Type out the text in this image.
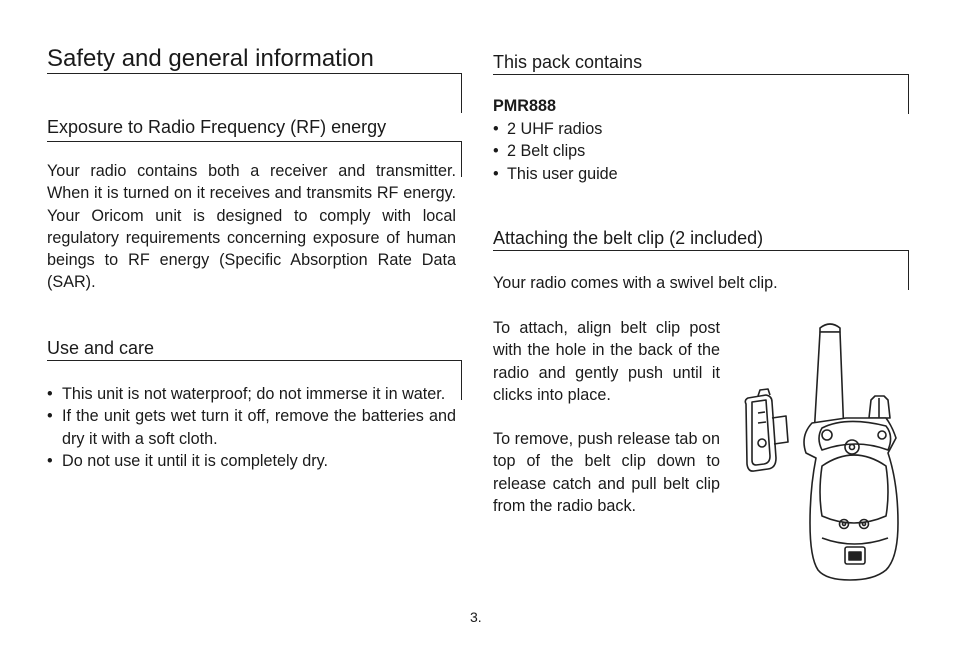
Safety and general information
Exposure to Radio Frequency (RF) energy

Your radio contains both a receiver and transmitter. When it is turned on it receives and transmits RF energy. Your Oricom unit is designed to comply with local regulatory requirements concerning exposure of human beings to RF energy (Specific Absorption Rate Data (SAR).

Use and care
• This unit is not waterproof; do not immerse it in water.
• If the unit gets wet turn it off, remove the batteries and dry it with a soft cloth.
• Do not use it until it is completely dry.
This pack contains

PMR888

• 2 UHF radios
• 2 Belt clips
• This user guide
Attaching the belt clip (2 included)

Your radio comes with a swivel belt clip.

To attach, align belt clip post with the hole in the back of the radio and gently push until it clicks into place.

To remove, push release tab on top of the belt clip down to release catch and pull belt clip from the radio back.

3.
